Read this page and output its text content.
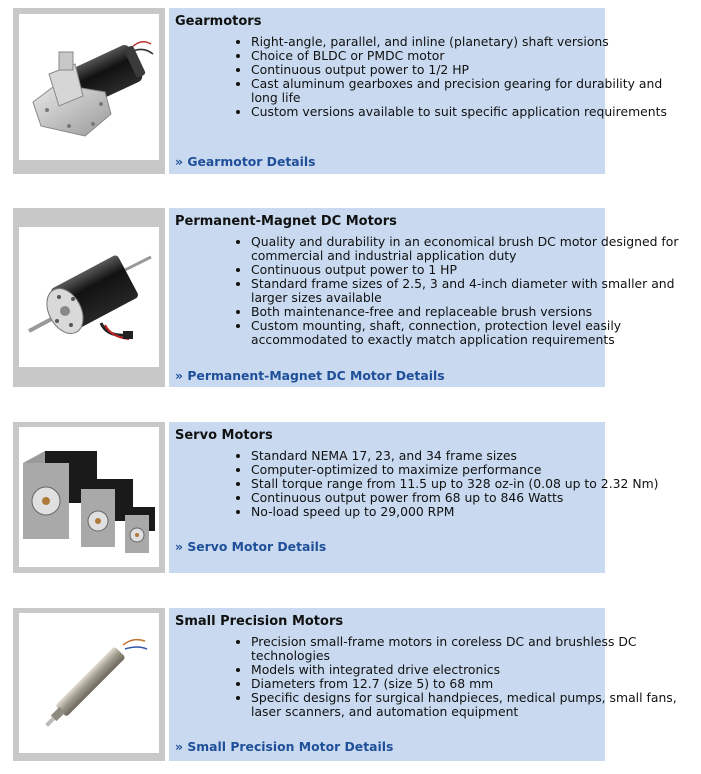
Gearmotors
• Right-angle, parallel, and inline (planetary) shaft versions
• Choice of BLDC or PMDC motor
• Continuous output power to 1/2 HP
• Cast aluminum gearboxes and precision gearing for durability and long life
• Custom versions available to suit specific application requirements
» Gearmotor Details
Permanent-Magnet DC Motors
• Quality and durability in an economical brush DC motor designed for commercial and industrial application duty
• Continuous output power to 1 HP
• Standard frame sizes of 2.5, 3 and 4-inch diameter with smaller and larger sizes available
• Both maintenance-free and replaceable brush versions
• Custom mounting, shaft, connection, protection level easily accommodated to exactly match application requirements
» Permanent-Magnet DC Motor Details
Servo Motors
• Standard NEMA 17, 23, and 34 frame sizes
• Computer-optimized to maximize performance
• Stall torque range from 11.5 up to 328 oz-in (0.08 up to 2.32 Nm)
• Continuous output power from 68 up to 846 Watts
• No-load speed up to 29,000 RPM
» Servo Motor Details
Small Precision Motors
• Precision small-frame motors in coreless DC and brushless DC technologies
• Models with integrated drive electronics
• Diameters from 12.7 (size 5) to 68 mm
• Specific designs for surgical handpieces, medical pumps, small fans, laser scanners, and automation equipment
» Small Precision Motor Details
